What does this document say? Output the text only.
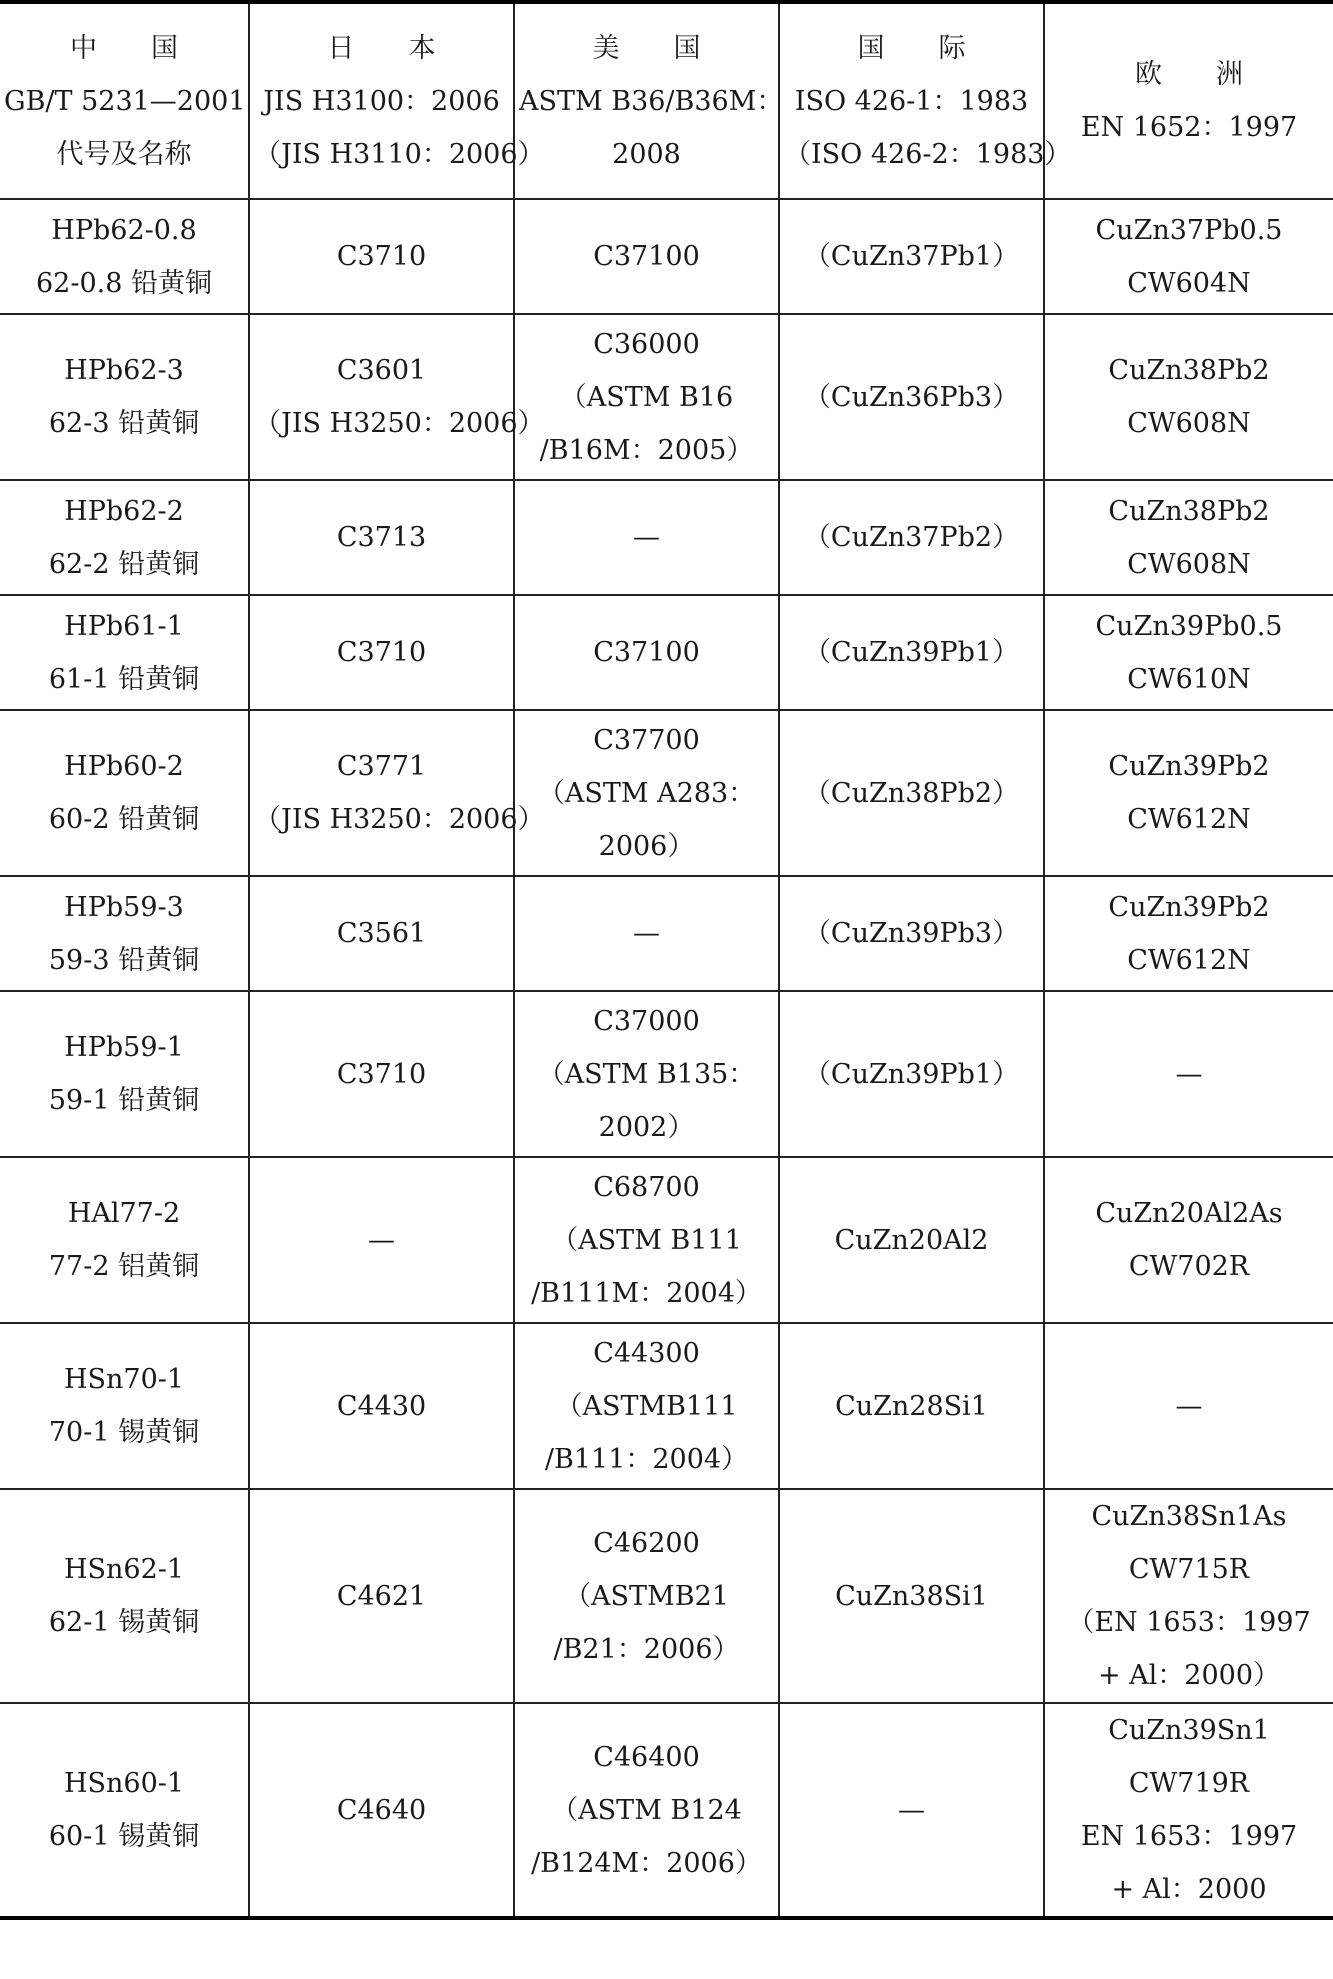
中　　国
GB/T 5231—2001
代号及名称	日　　本
JIS H3100：2006
（JIS H3110：2006）	美　　国
ASTM B36/B36M：
2008	国　　际
ISO 426-1：1983
（ISO 426-2：1983）	欧　　洲
EN 1652：1997

HPb62-0.8
62-0.8 铅黄铜	C3710	C37100	（CuZn37Pb1）	CuZn37Pb0.5
CW604N

HPb62-3
62-3 铅黄铜	C3601
（JIS H3250：2006）	C36000
（ASTM B16
/B16M：2005）	（CuZn36Pb3）	CuZn38Pb2
CW608N

HPb62-2
62-2 铅黄铜	C3713	—	（CuZn37Pb2）	CuZn38Pb2
CW608N

HPb61-1
61-1 铅黄铜	C3710	C37100	（CuZn39Pb1）	CuZn39Pb0.5
CW610N

HPb60-2
60-2 铅黄铜	C3771
（JIS H3250：2006）	C37700
（ASTM A283：
2006）	（CuZn38Pb2）	CuZn39Pb2
CW612N

HPb59-3
59-3 铅黄铜	C3561	—	（CuZn39Pb3）	CuZn39Pb2
CW612N

HPb59-1
59-1 铅黄铜	C3710	C37000
（ASTM B135：
2002）	（CuZn39Pb1）	—

HAl77-2
77-2 铝黄铜	—	C68700
（ASTM B111
/B111M：2004）	CuZn20Al2	CuZn20Al2As
CW702R

HSn70-1
70-1 锡黄铜	C4430	C44300
（ASTMB111
/B111：2004）	CuZn28Si1	—

HSn62-1
62-1 锡黄铜	C4621	C46200
（ASTMB21
/B21：2006）	CuZn38Si1	CuZn38Sn1As
CW715R
（EN 1653：1997
+ Al：2000）

HSn60-1
60-1 锡黄铜	C4640	C46400
（ASTM B124
/B124M：2006）	—	CuZn39Sn1
CW719R
EN 1653：1997
+ Al：2000
